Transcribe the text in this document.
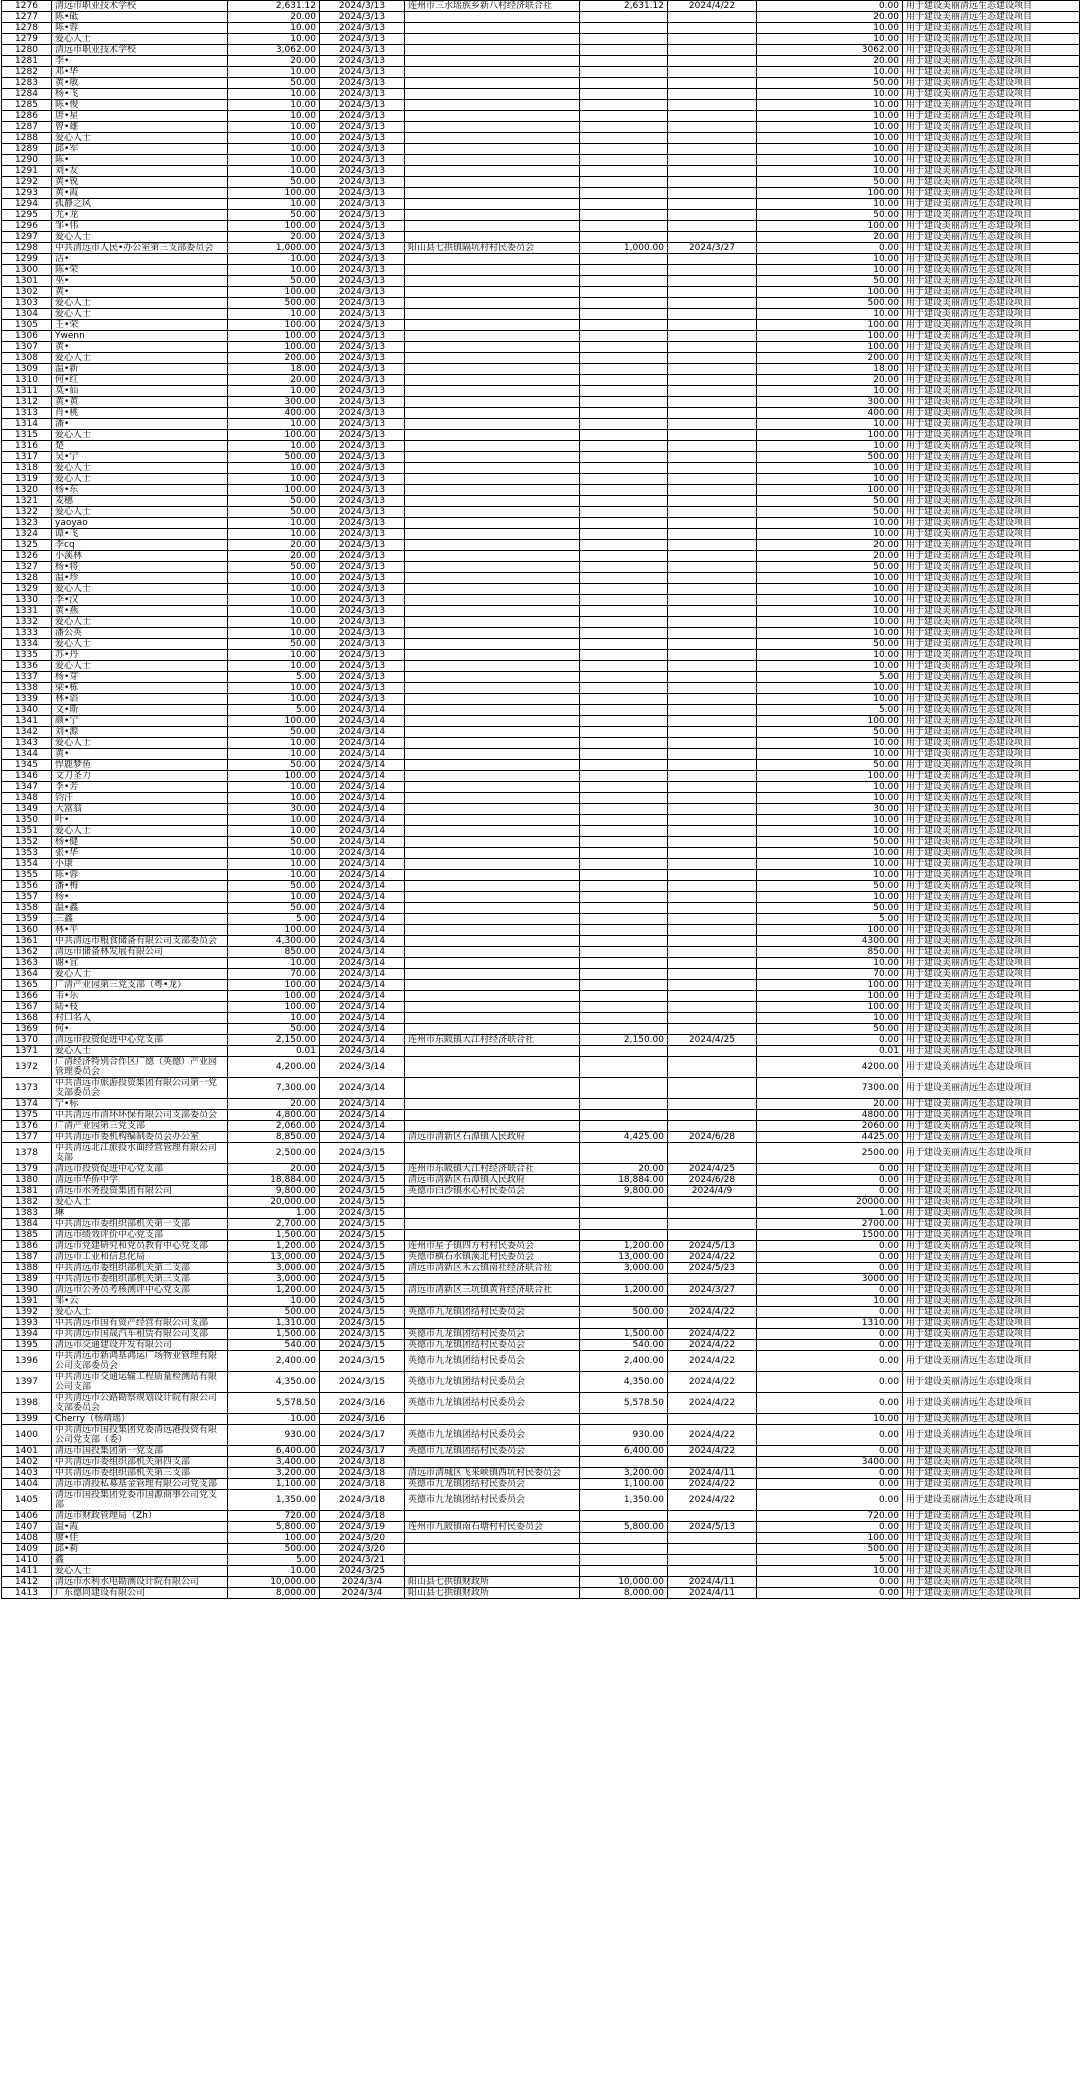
1276	清远市职业技术学校	2,631.12	2024/3/13	连州市三水瑶族乡新八村经济联合社	2,631.12	2024/4/22	0.00	用于建设美丽清远生态建设项目
1277	陈•砥	20.00	2024/3/13				20.00	用于建设美丽清远生态建设项目
1278	陈•蓉	10.00	2024/3/13				10.00	用于建设美丽清远生态建设项目
1279	爱心人士	10.00	2024/3/13				10.00	用于建设美丽清远生态建设项目
1280	清远市职业技术学校	3,062.00	2024/3/13				3062.00	用于建设美丽清远生态建设项目
1281	李•	20.00	2024/3/13				20.00	用于建设美丽清远生态建设项目
1282	邓•华	10.00	2024/3/13				10.00	用于建设美丽清远生态建设项目
1283	黄•敏	50.00	2024/3/13				50.00	用于建设美丽清远生态建设项目
1284	杨•飞	10.00	2024/3/13				10.00	用于建设美丽清远生态建设项目
1285	陈•俊	10.00	2024/3/13				10.00	用于建设美丽清远生态建设项目
1286	唐•星	10.00	2024/3/13				10.00	用于建设美丽清远生态建设项目
1287	曾•雄	10.00	2024/3/13				10.00	用于建设美丽清远生态建设项目
1288	爱心人士	10.00	2024/3/13				10.00	用于建设美丽清远生态建设项目
1289	邱•军	10.00	2024/3/13				10.00	用于建设美丽清远生态建设项目
1290	陈•	10.00	2024/3/13				10.00	用于建设美丽清远生态建设项目
1291	刘•友	10.00	2024/3/13				10.00	用于建设美丽清远生态建设项目
1292	黄•锐	50.00	2024/3/13				50.00	用于建设美丽清远生态建设项目
1293	黄•霞	100.00	2024/3/13				100.00	用于建设美丽清远生态建设项目
1294	孤静之风	10.00	2024/3/13				10.00	用于建设美丽清远生态建设项目
1295	尤•龙	50.00	2024/3/13				50.00	用于建设美丽清远生态建设项目
1296	邹•伟	100.00	2024/3/13				100.00	用于建设美丽清远生态建设项目
1297	爱心人士	20.00	2024/3/13				20.00	用于建设美丽清远生态建设项目
1298	中共清远市人民•办公室第三支部委员会	1,000.00	2024/3/13	阳山县七拱镇隔坑村村民委员会	1,000.00	2024/3/27	0.00	用于建设美丽清远生态建设项目
1299	洁•	10.00	2024/3/13				10.00	用于建设美丽清远生态建设项目
1300	陈•荣	10.00	2024/3/13				10.00	用于建设美丽清远生态建设项目
1301	巫•	50.00	2024/3/13				50.00	用于建设美丽清远生态建设项目
1302	黄•	100.00	2024/3/13				100.00	用于建设美丽清远生态建设项目
1303	爱心人士	500.00	2024/3/13				500.00	用于建设美丽清远生态建设项目
1304	爱心人士	10.00	2024/3/13				10.00	用于建设美丽清远生态建设项目
1305	王•荣	100.00	2024/3/13				100.00	用于建设美丽清远生态建设项目
1306	Ywenn	100.00	2024/3/13				100.00	用于建设美丽清远生态建设项目
1307	黄•	100.00	2024/3/13				100.00	用于建设美丽清远生态建设项目
1308	爱心人士	200.00	2024/3/13				200.00	用于建设美丽清远生态建设项目
1309	温•新	18.00	2024/3/13				18.00	用于建设美丽清远生态建设项目
1310	何•红	20.00	2024/3/13				20.00	用于建设美丽清远生态建设项目
1311	莫•仙	10.00	2024/3/13				10.00	用于建设美丽清远生态建设项目
1312	黄•黄	300.00	2024/3/13				300.00	用于建设美丽清远生态建设项目
1313	肖•桃	400.00	2024/3/13				400.00	用于建设美丽清远生态建设项目
1314	潘•	10.00	2024/3/13				10.00	用于建设美丽清远生态建设项目
1315	爱心人士	100.00	2024/3/13				100.00	用于建设美丽清远生态建设项目
1316	楚	10.00	2024/3/13				10.00	用于建设美丽清远生态建设项目
1317	吴•宁	500.00	2024/3/13				500.00	用于建设美丽清远生态建设项目
1318	爱心人士	10.00	2024/3/13				10.00	用于建设美丽清远生态建设项目
1319	爱心人士	10.00	2024/3/13				10.00	用于建设美丽清远生态建设项目
1320	杨•东	100.00	2024/3/13				100.00	用于建设美丽清远生态建设项目
1321	麦穗	50.00	2024/3/13				50.00	用于建设美丽清远生态建设项目
1322	爱心人士	50.00	2024/3/13				50.00	用于建设美丽清远生态建设项目
1323	yaoyao	10.00	2024/3/13				10.00	用于建设美丽清远生态建设项目
1324	谭•飞	10.00	2024/3/13				10.00	用于建设美丽清远生态建设项目
1325	李cq	20.00	2024/3/13				20.00	用于建设美丽清远生态建设项目
1326	小溪林	20.00	2024/3/13				20.00	用于建设美丽清远生态建设项目
1327	杨•将	50.00	2024/3/13				50.00	用于建设美丽清远生态建设项目
1328	温•珍	10.00	2024/3/13				10.00	用于建设美丽清远生态建设项目
1329	爱心人士	10.00	2024/3/13				10.00	用于建设美丽清远生态建设项目
1330	李•汉	10.00	2024/3/13				10.00	用于建设美丽清远生态建设项目
1331	黄•燕	10.00	2024/3/13				10.00	用于建设美丽清远生态建设项目
1332	爱心人士	10.00	2024/3/13				10.00	用于建设美丽清远生态建设项目
1333	潘公英	10.00	2024/3/13				10.00	用于建设美丽清远生态建设项目
1334	爱心人士	50.00	2024/3/13				50.00	用于建设美丽清远生态建设项目
1335	苏•丹	10.00	2024/3/13				10.00	用于建设美丽清远生态建设项目
1336	爱心人士	10.00	2024/3/13				10.00	用于建设美丽清远生态建设项目
1337	杨•芽	5.00	2024/3/13				5.00	用于建设美丽清远生态建设项目
1338	梁•栋	10.00	2024/3/13				10.00	用于建设美丽清远生态建设项目
1339	林•滔	10.00	2024/3/13				10.00	用于建设美丽清远生态建设项目
1340	文•斯	5.00	2024/3/14				5.00	用于建设美丽清远生态建设项目
1341	颜•宁	100.00	2024/3/14				100.00	用于建设美丽清远生态建设项目
1342	刘•源	50.00	2024/3/14				50.00	用于建设美丽清远生态建设项目
1343	爱心人士	10.00	2024/3/14				10.00	用于建设美丽清远生态建设项目
1344	黄•	10.00	2024/3/14				10.00	用于建设美丽清远生态建设项目
1345	悍鹿梦鱼	50.00	2024/3/14				50.00	用于建设美丽清远生态建设项目
1346	文刀圣力	100.00	2024/3/14				100.00	用于建设美丽清远生态建设项目
1347	李•芳	10.00	2024/3/14				10.00	用于建设美丽清远生态建设项目
1348	钧汗	10.00	2024/3/14				10.00	用于建设美丽清远生态建设项目
1349	大富翁	30.00	2024/3/14				30.00	用于建设美丽清远生态建设项目
1350	叶•	10.00	2024/3/14				10.00	用于建设美丽清远生态建设项目
1351	爱心人士	10.00	2024/3/14				10.00	用于建设美丽清远生态建设项目
1352	杨•健	50.00	2024/3/14				50.00	用于建设美丽清远生态建设项目
1353	张•华	10.00	2024/3/14				10.00	用于建设美丽清远生态建设项目
1354	小康	10.00	2024/3/14				10.00	用于建设美丽清远生态建设项目
1355	陈•蓉	10.00	2024/3/14				10.00	用于建设美丽清远生态建设项目
1356	潘•梅	50.00	2024/3/14				50.00	用于建设美丽清远生态建设项目
1357	杨•	10.00	2024/3/14				10.00	用于建设美丽清远生态建设项目
1358	温•鑫	50.00	2024/3/14				50.00	用于建设美丽清远生态建设项目
1359	三鑫	5.00	2024/3/14				5.00	用于建设美丽清远生态建设项目
1360	林•平	100.00	2024/3/14				100.00	用于建设美丽清远生态建设项目
1361	中共清远市粮食储备有限公司支部委员会	4,300.00	2024/3/14				4300.00	用于建设美丽清远生态建设项目
1362	清远市储备林发展有限公司	850.00	2024/3/14				850.00	用于建设美丽清远生态建设项目
1363	谢•宜	10.00	2024/3/14				10.00	用于建设美丽清远生态建设项目
1364	爱心人士	70.00	2024/3/14				70.00	用于建设美丽清远生态建设项目
1365	广清产业园第三党支部（粤•龙）	100.00	2024/3/14				100.00	用于建设美丽清远生态建设项目
1366	韦•乐	100.00	2024/3/14				100.00	用于建设美丽清远生态建设项目
1367	陆•枝	100.00	2024/3/14				100.00	用于建设美丽清远生态建设项目
1368	村口名人	10.00	2024/3/14				10.00	用于建设美丽清远生态建设项目
1369	何•	50.00	2024/3/14				50.00	用于建设美丽清远生态建设项目
1370	清远市投资促进中心党支部	2,150.00	2024/3/14	连州市东陂镇大江村经济联合社	2,150.00	2024/4/25	0.00	用于建设美丽清远生态建设项目
1371	爱心人士	0.01	2024/3/14				0.01	用于建设美丽清远生态建设项目
1372	广清经济特别合作区广德（英德）产业园管理委员会	4,200.00	2024/3/14				4200.00	用于建设美丽清远生态建设项目
1373	中共清远市旅游投资集团有限公司第一党支部委员会	7,300.00	2024/3/14				7300.00	用于建设美丽清远生态建设项目
1374	宁•标	20.00	2024/3/14				20.00	用于建设美丽清远生态建设项目
1375	中共清远市清环环保有限公司支部委员会	4,800.00	2024/3/14				4800.00	用于建设美丽清远生态建设项目
1376	广清产业园第三党支部	2,060.00	2024/3/14				2060.00	用于建设美丽清远生态建设项目
1377	中共清远市委机构编制委员会办公室	8,850.00	2024/3/14	清远市清新区石潭镇人民政府	4,425.00	2024/6/28	4425.00	用于建设美丽清远生态建设项目
1378	中共清远北江旅投水面经营管理有限公司支部	2,500.00	2024/3/15				2500.00	用于建设美丽清远生态建设项目
1379	清远市投资促进中心党支部	20.00	2024/3/15	连州市东陂镇大江村经济联合社	20.00	2024/4/25	0.00	用于建设美丽清远生态建设项目
1380	清远市华侨中学	18,884.00	2024/3/15	清远市清新区石潭镇人民政府	18,884.00	2024/6/28	0.00	用于建设美丽清远生态建设项目
1381	清远市水务投资集团有限公司	9,800.00	2024/3/15	英德市白沙镇水心村民委员会	9,800.00	2024/4/9	0.00	用于建设美丽清远生态建设项目
1382	爱心人士	20,000.00	2024/3/15				20000.00	用于建设美丽清远生态建设项目
1383	琳	1.00	2024/3/15				1.00	用于建设美丽清远生态建设项目
1384	中共清远市委组织部机关第一支部	2,700.00	2024/3/15				2700.00	用于建设美丽清远生态建设项目
1385	清远市绩效评价中心党支部	1,500.00	2024/3/15				1500.00	用于建设美丽清远生态建设项目
1386	清远市党建研究和党员教育中心党支部	1,200.00	2024/3/15	连州市星子镇四方村村民委员会	1,200.00	2024/5/13	0.00	用于建设美丽清远生态建设项目
1387	清远市工业和信息化局	13,000.00	2024/3/15	英德市横石水镇溪北村民委员会	13,000.00	2024/4/22	0.00	用于建设美丽清远生态建设项目
1388	中共清远市委组织部机关第二支部	3,000.00	2024/3/15	清远市清新区禾云镇南社经济联合社	3,000.00	2024/5/23	0.00	用于建设美丽清远生态建设项目
1389	中共清远市委组织部机关第三支部	3,000.00	2024/3/15				3000.00	用于建设美丽清远生态建设项目
1390	清远市公务员考核测评中心党支部	1,200.00	2024/3/15	清远市清新区三坑镇黄背经济联合社	1,200.00	2024/3/27	0.00	用于建设美丽清远生态建设项目
1391	邹•云	10.00	2024/3/15				10.00	用于建设美丽清远生态建设项目
1392	爱心人士	500.00	2024/3/15	英德市九龙镇团结村民委员会	500.00	2024/4/22	0.00	用于建设美丽清远生态建设项目
1393	中共清远市国有资产经营有限公司支部	1,310.00	2024/3/15				1310.00	用于建设美丽清远生态建设项目
1394	中共清远市国晟汽车租赁有限公司支部	1,500.00	2024/3/15	英德市九龙镇团结村民委员会	1,500.00	2024/4/22	0.00	用于建设美丽清远生态建设项目
1395	清远市交通建设开发有限公司	540.00	2024/3/15	英德市九龙镇团结村民委员会	540.00	2024/4/22	0.00	用于建设美丽清远生态建设项目
1396	中共清远市新鸿基鸿运广场物业管理有限公司支部委员会	2,400.00	2024/3/15	英德市九龙镇团结村民委员会	2,400.00	2024/4/22	0.00	用于建设美丽清远生态建设项目
1397	中共清远市交通运输工程质量检测站有限公司支部	4,350.00	2024/3/15	英德市九龙镇团结村民委员会	4,350.00	2024/4/22	0.00	用于建设美丽清远生态建设项目
1398	中共清远市公路勘察规划设计院有限公司支部委员会	5,578.50	2024/3/16	英德市九龙镇团结村民委员会	5,578.50	2024/4/22	0.00	用于建设美丽清远生态建设项目
1399	Cherry（杨靖瑶）	10.00	2024/3/16				10.00	用于建设美丽清远生态建设项目
1400	中共清远市国投集团党委清远港投资有限公司党支部（委）	930.00	2024/3/17	英德市九龙镇团结村民委员会	930.00	2024/4/22	0.00	用于建设美丽清远生态建设项目
1401	清远市国投集团第一党支部	6,400.00	2024/3/17	英德市九龙镇团结村民委员会	6,400.00	2024/4/22	0.00	用于建设美丽清远生态建设项目
1402	中共清远市委组织部机关第四支部	3,400.00	2024/3/18				3400.00	用于建设美丽清远生态建设项目
1403	中共清远市委组织部机关第三支部	3,200.00	2024/3/18	清远市清城区飞来峡镇西坑村民委员会	3,200.00	2024/4/11	0.00	用于建设美丽清远生态建设项目
1404	清远市清投私募基金管理有限公司党支部	1,100.00	2024/3/18	英德市九龙镇团结村民委员会	1,100.00	2024/4/22	0.00	用于建设美丽清远生态建设项目
1405	清远市国投集团党委市国源商事公司党支部	1,350.00	2024/3/18	英德市九龙镇团结村民委员会	1,350.00	2024/4/22	0.00	用于建设美丽清远生态建设项目
1406	清远市财政管理局（Zh）	720.00	2024/3/18				720.00	用于建设美丽清远生态建设项目
1407	温•霞	5,800.00	2024/3/19	连州市九陂镇南石塘村村民委员会	5,800.00	2024/5/13	0.00	用于建设美丽清远生态建设项目
1408	廖•佳	100.00	2024/3/20				100.00	用于建设美丽清远生态建设项目
1409	邱•莉	500.00	2024/3/20				500.00	用于建设美丽清远生态建设项目
1410	鑫	5.00	2024/3/21				5.00	用于建设美丽清远生态建设项目
1411	爱心人士	10.00	2024/3/25				10.00	用于建设美丽清远生态建设项目
1412	清远市水利水电勘测设计院有限公司	10,000.00	2024/3/4	阳山县七拱镇财政所	10,000.00	2024/4/11	0.00	用于建设美丽清远生态建设项目
1413	广东德同建设有限公司	8,000.00	2024/3/4	阳山县七拱镇财政所	8,000.00	2024/4/11	0.00	用于建设美丽清远生态建设项目
